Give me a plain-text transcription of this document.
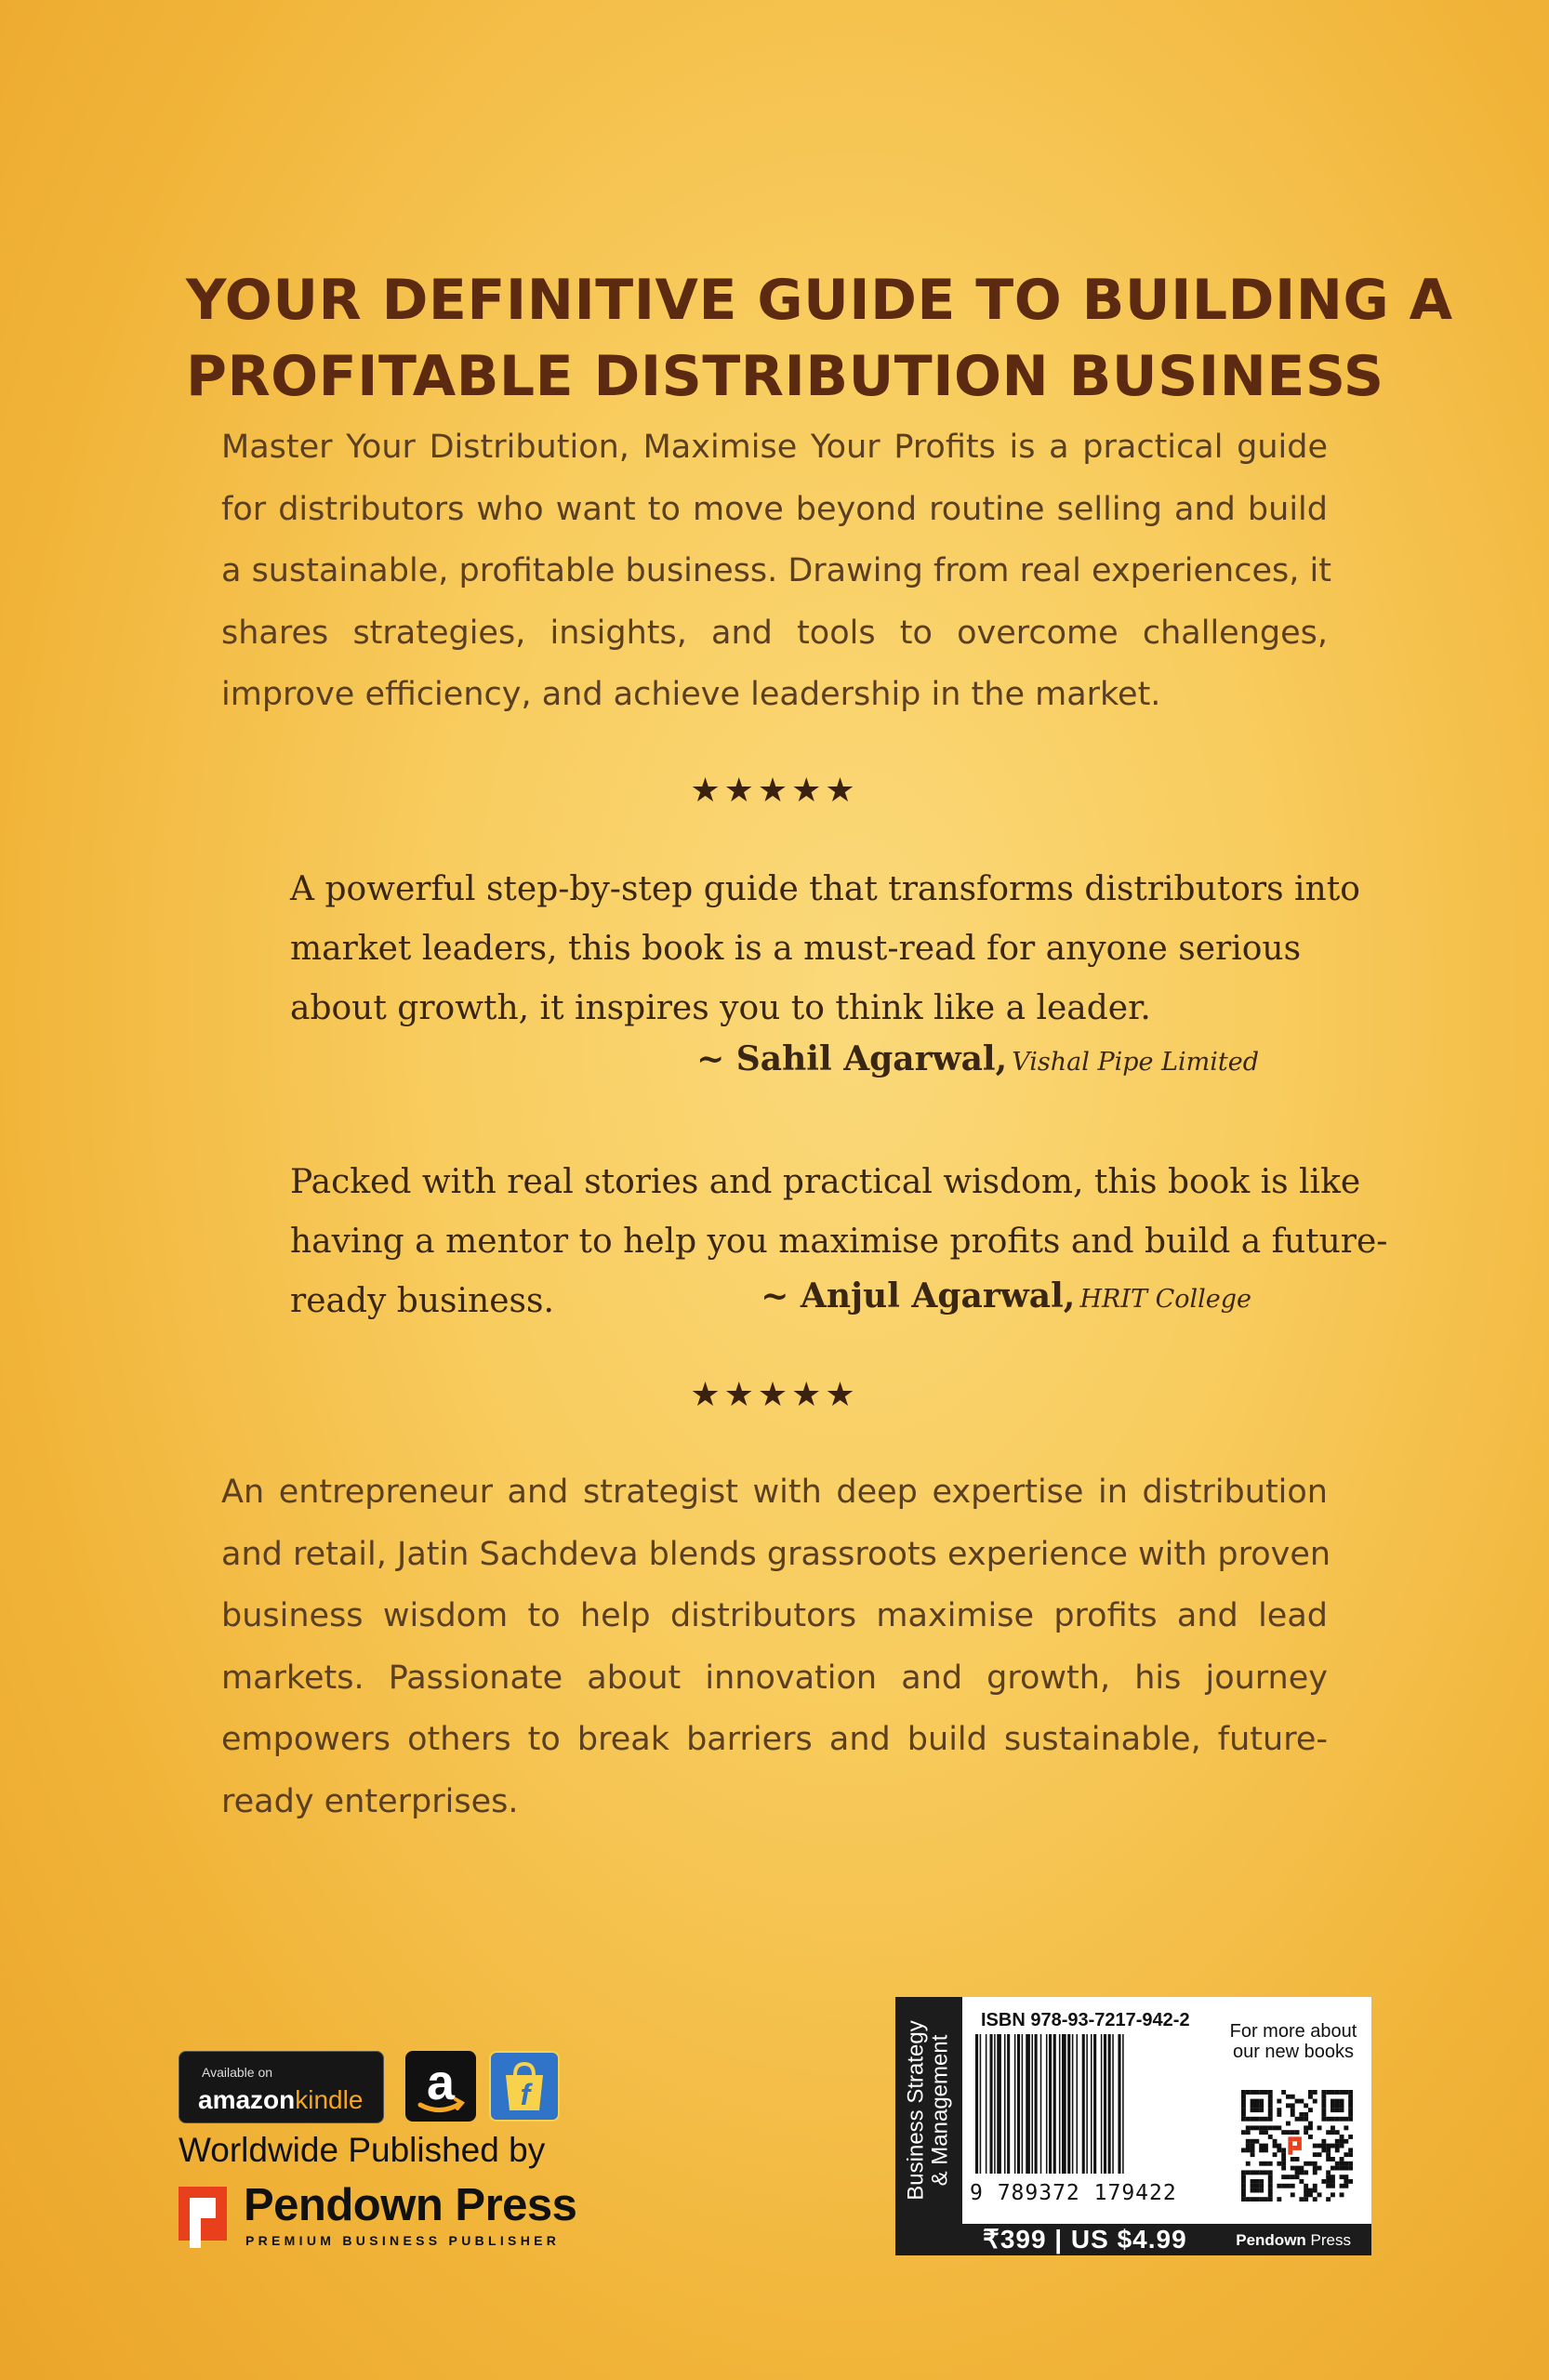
YOUR DEFINITIVE GUIDE TO BUILDING A
PROFITABLE DISTRIBUTION BUSINESS
Master Your Distribution, Maximise Your Profits is a practical guide
for distributors who want to move beyond routine selling and build
a sustainable, profitable business. Drawing from real experiences, it
shares strategies, insights, and tools to overcome challenges,
improve efficiency, and achieve leadership in the market.
★★★★★
A powerful step-by-step guide that transforms distributors into
market leaders, this book is a must-read for anyone serious
about growth, it inspires you to think like a leader.
~ Sahil Agarwal, Vishal Pipe Limited
Packed with real stories and practical wisdom, this book is like
having a mentor to help you maximise profits and build a future-
ready business.	~ Anjul Agarwal, HRIT College
★★★★★
An entrepreneur and strategist with deep expertise in distribution
and retail, Jatin Sachdeva blends grassroots experience with proven
business wisdom to help distributors maximise profits and lead
markets. Passionate about innovation and growth, his journey
empowers others to break barriers and build sustainable, future-
ready enterprises.
Available on
amazonkindle a f
Worldwide Published by
Pendown Press
PREMIUM BUSINESS PUBLISHER
Business Strategy & Management
ISBN 978-93-7217-942-2
9 789372 179422
For more about our new books
₹399 | US $4.99	Pendown Press
